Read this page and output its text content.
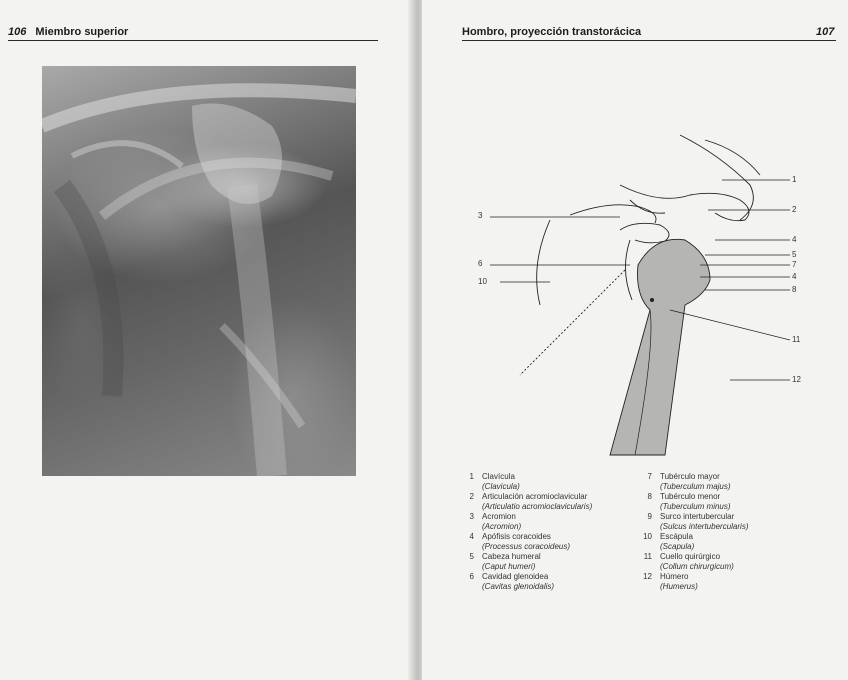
106 Miembro superior	Hombro, proyección transtorácica	107
3
6
10
1
2
4
5
7
4
8
11
12
1 Clavícula
(Clavicula)
2 Articulación acromioclavicular
(Articulatio acromioclavicularis)
3 Acromion
(Acromion)
4 Apófisis coracoides
(Processus coracoideus)
5 Cabeza humeral
(Caput humeri)
6 Cavidad glenoidea
(Cavitas glenoidalis)
7 Tubérculo mayor
(Tuberculum majus)
8 Tubérculo menor
(Tuberculum minus)
9 Surco intertubercular
(Sulcus intertubercularis)
10 Escápula
(Scapula)
11 Cuello quirúrgico
(Collum chirurgicum)
12 Húmero
(Humerus)
